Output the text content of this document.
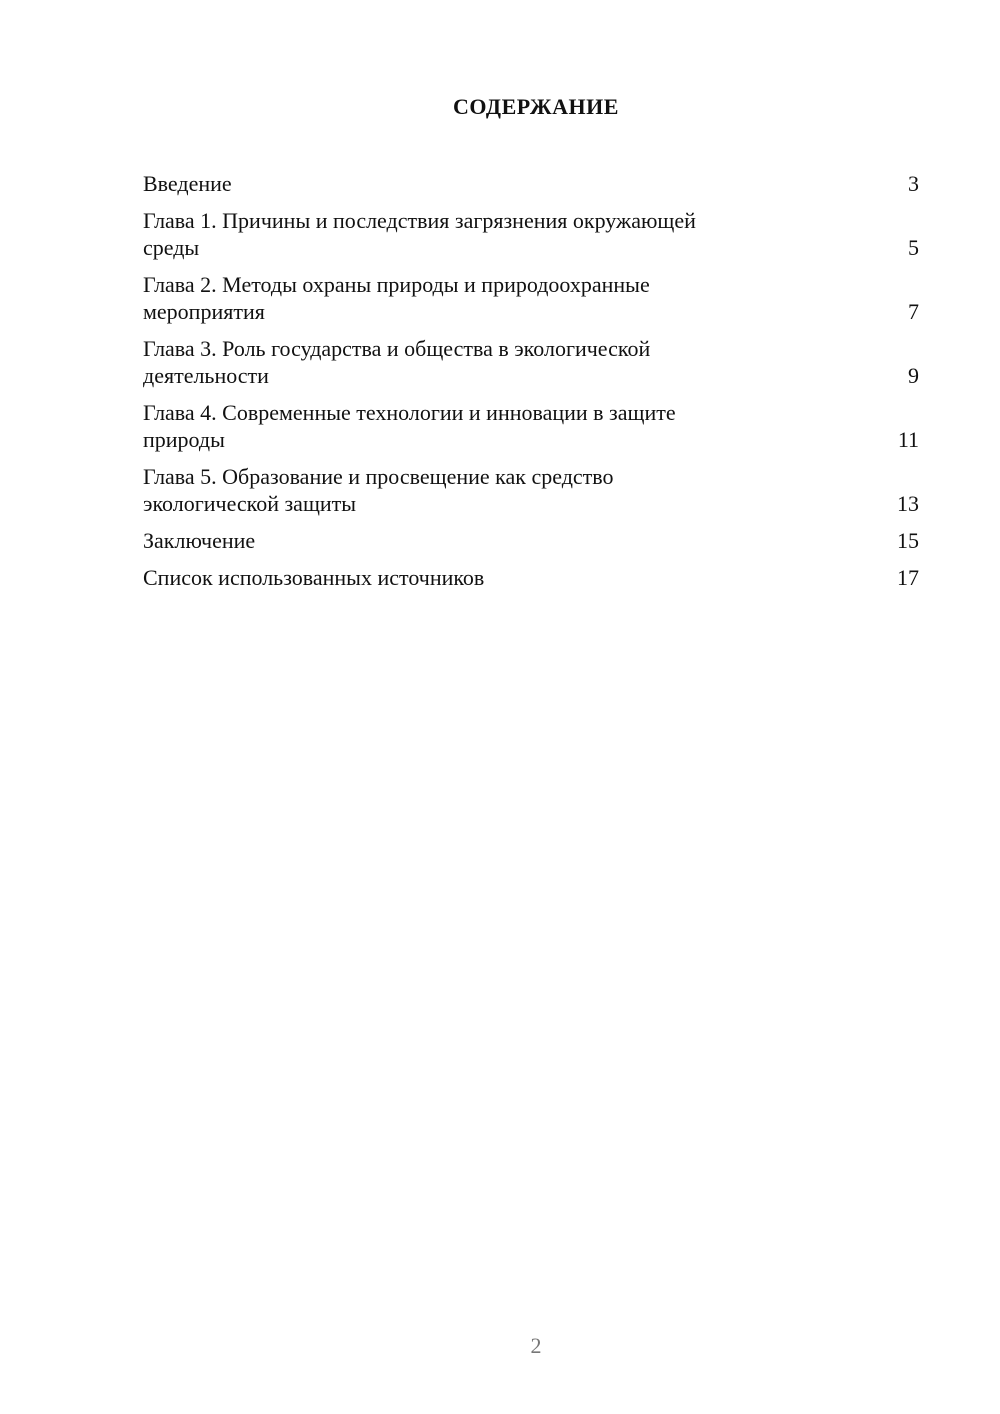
СОДЕРЖАНИЕ
Введение	3
Глава 1. Причины и последствия загрязнения окружающей
среды	5
Глава 2. Методы охраны природы и природоохранные
мероприятия	7
Глава 3. Роль государства и общества в экологической
деятельности	9
Глава 4. Современные технологии и инновации в защите
природы	11
Глава 5. Образование и просвещение как средство
экологической защиты	13
Заключение	15
Список использованных источников	17
2
